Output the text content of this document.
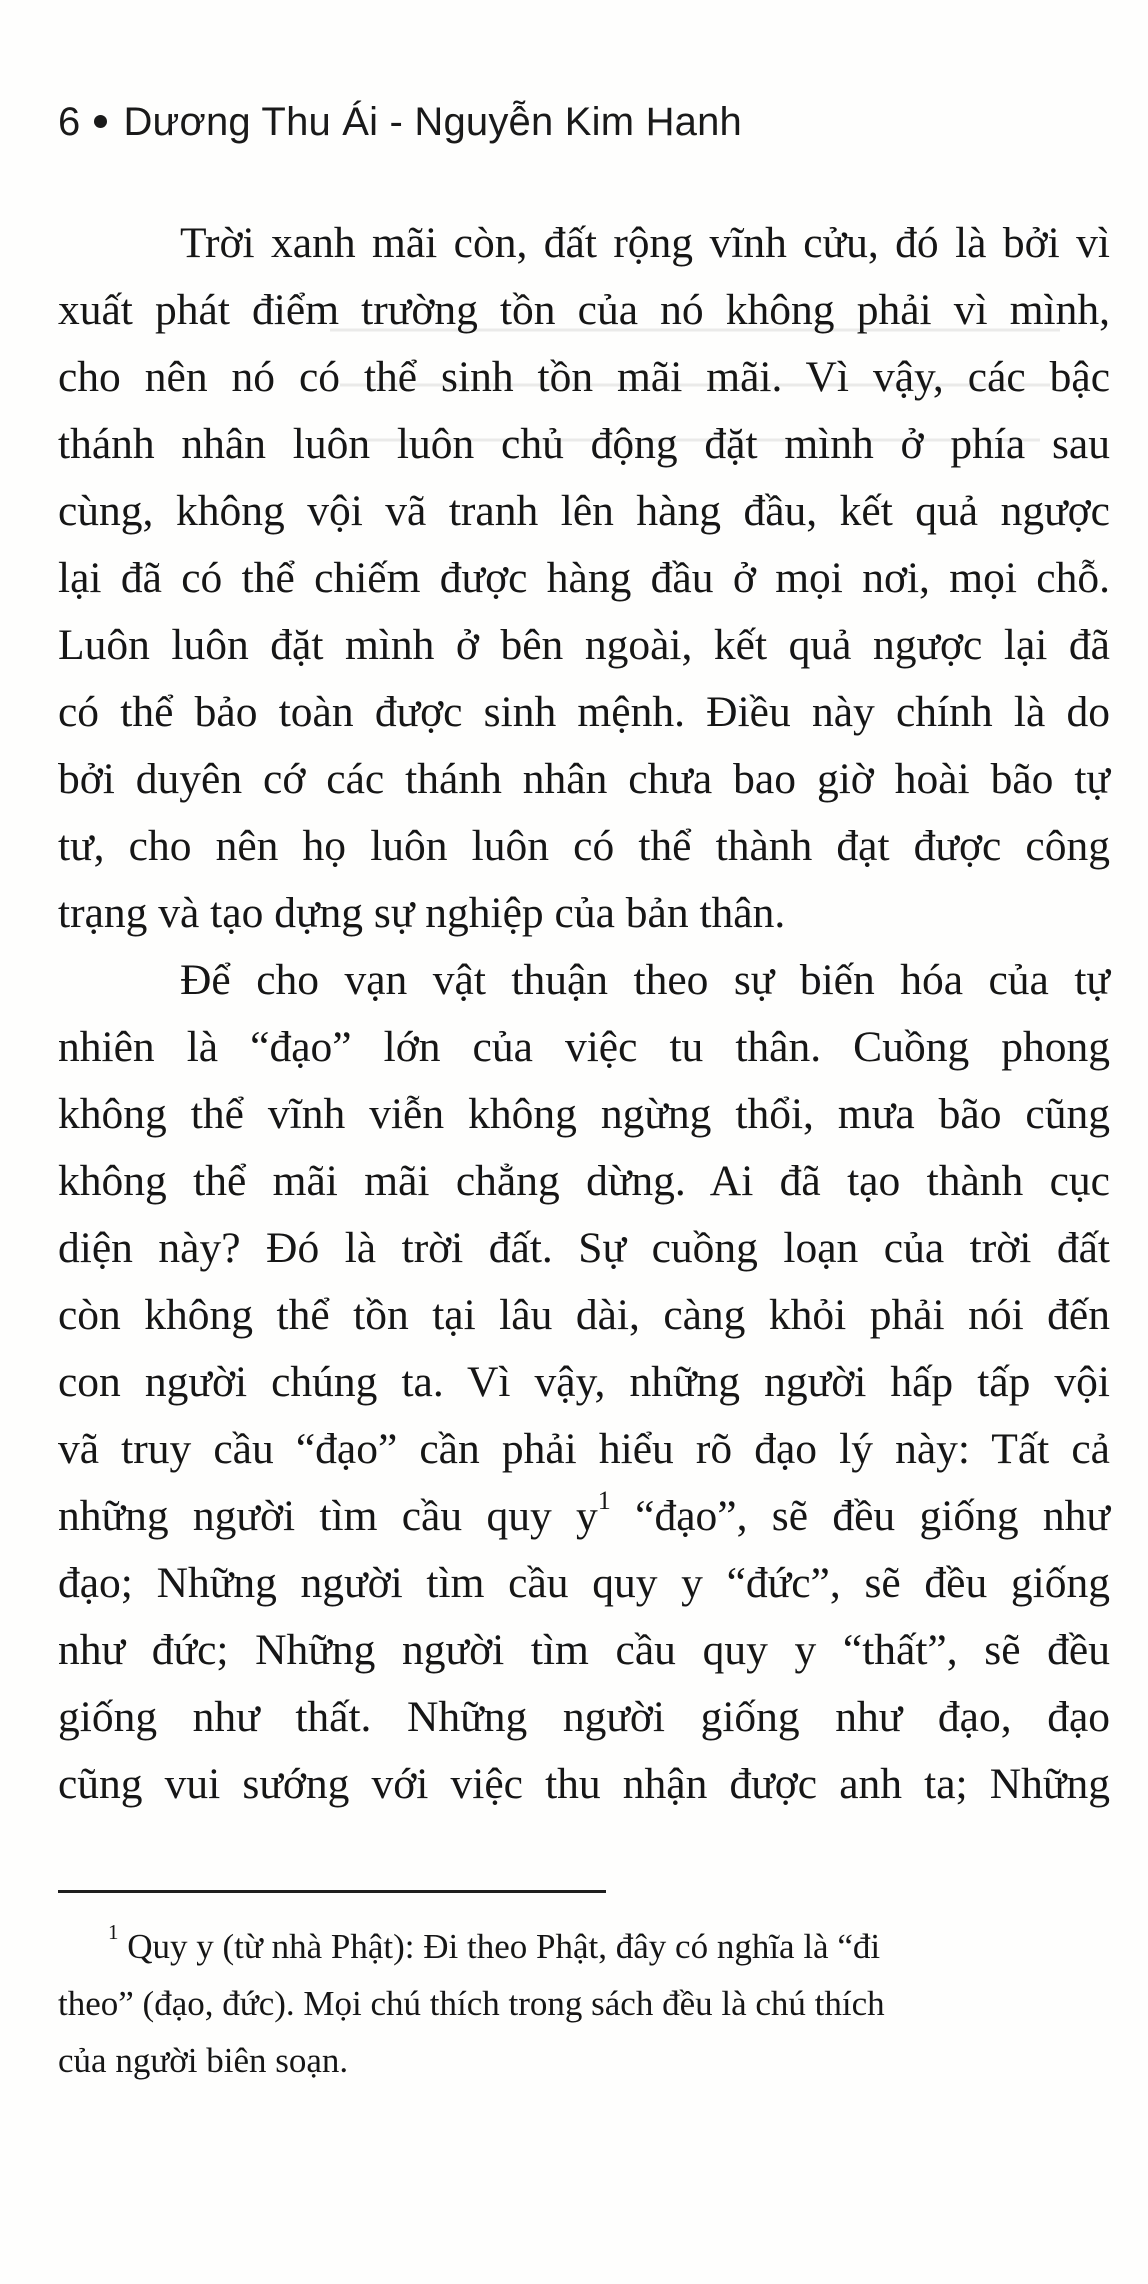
6 Dương Thu Ái - Nguyễn Kim Hanh
Trời xanh mãi còn, đất rộng vĩnh cửu, đó là bởi vì
xuất phát điểm trường tồn của nó không phải vì mình,
cho nên nó có thể sinh tồn mãi mãi. Vì vậy, các bậc
thánh nhân luôn luôn chủ động đặt mình ở phía sau
cùng, không vội vã tranh lên hàng đầu, kết quả ngược
lại đã có thể chiếm được hàng đầu ở mọi nơi, mọi chỗ.
Luôn luôn đặt mình ở bên ngoài, kết quả ngược lại đã
có thể bảo toàn được sinh mệnh. Điều này chính là do
bởi duyên cớ các thánh nhân chưa bao giờ hoài bão tự
tư, cho nên họ luôn luôn có thể thành đạt được công
trạng và tạo dựng sự nghiệp của bản thân.
Để cho vạn vật thuận theo sự biến hóa của tự
nhiên là “đạo” lớn của việc tu thân. Cuồng phong
không thể vĩnh viễn không ngừng thổi, mưa bão cũng
không thể mãi mãi chẳng dừng. Ai đã tạo thành cục
diện này? Đó là trời đất. Sự cuồng loạn của trời đất
còn không thể tồn tại lâu dài, càng khỏi phải nói đến
con người chúng ta. Vì vậy, những người hấp tấp vội
vã truy cầu “đạo” cần phải hiểu rõ đạo lý này: Tất cả
những người tìm cầu quy $y^1$ “đạo”, sẽ đều giống như
đạo; Những người tìm cầu quy y “đức”, sẽ đều giống
như đức; Những người tìm cầu quy y “thất”, sẽ đều
giống như thất. Những người giống như đạo, đạo
cũng vui sướng với việc thu nhận được anh ta; Những
$^1$ Quy y (từ nhà Phật): Đi theo Phật, đây có nghĩa là “đi
theo” (đạo, đức). Mọi chú thích trong sách đều là chú thích
của người biên soạn.
